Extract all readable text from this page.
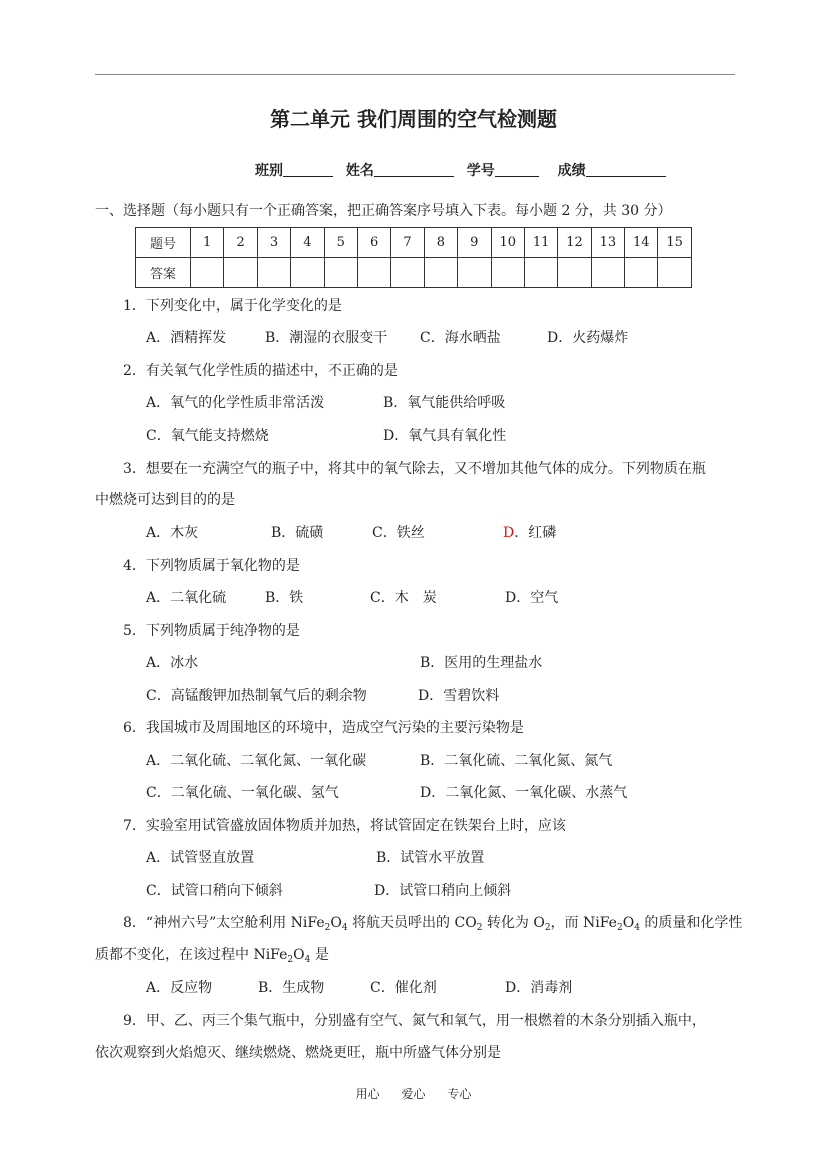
第二单元 我们周围的空气检测题
班别	姓名	学号	成绩
一、选择题（每小题只有一个正确答案，把正确答案序号填入下表。每小题 2 分，共 30 分）
题号	1	2	3	4	5	6	7	8	9	10	11	12	13	14	15
答案															
1．下列变化中，属于化学变化的是
A．酒精挥发	B．潮湿的衣服变干 C．海水晒盐	D．火药爆炸
2．有关氧气化学性质的描述中，不正确的是
A．氧气的化学性质非常活泼	B．氧气能供给呼吸
C．氧气能支持燃烧	D．氧气具有氧化性
3．想要在一充满空气的瓶子中，将其中的氧气除去，又不增加其他气体的成分。下列物质在瓶
中燃烧可达到目的的是
A．木灰	B．硫磺	C．铁丝	D．红磷
4．下列物质属于氧化物的是
A．二氧化硫	B．铁	C．木　炭	D．空气
5．下列物质属于纯净物的是
A．冰水	B．医用的生理盐水
C．高锰酸钾加热制氧气后的剩余物	D．雪碧饮料
6．我国城市及周围地区的环境中，造成空气污染的主要污染物是
A．二氧化硫、二氧化氮、一氧化碳	B．二氧化硫、二氧化氮、氮气
C．二氧化硫、一氧化碳、氢气	D．二氧化氮、一氧化碳、水蒸气
7．实验室用试管盛放固体物质并加热，将试管固定在铁架台上时，应该
A．试管竖直放置	B．试管水平放置
C．试管口稍向下倾斜	D．试管口稍向上倾斜
8．“神州六号”太空舱利用 $NiFe_2O_4$ 将航天员呼出的 $CO_2$ 转化为 $O_2$，而 $NiFe_2O_4$ 的质量和化学性
质都不变化，在该过程中 $NiFe_2O_4$ 是
A．反应物	B．生成物	C．催化剂	D．消毒剂
9．甲、乙、丙三个集气瓶中，分别盛有空气、氮气和氧气，用一根燃着的木条分别插入瓶中，
依次观察到火焰熄灭、继续燃烧、燃烧更旺，瓶中所盛气体分别是
用心 爱心 专心
